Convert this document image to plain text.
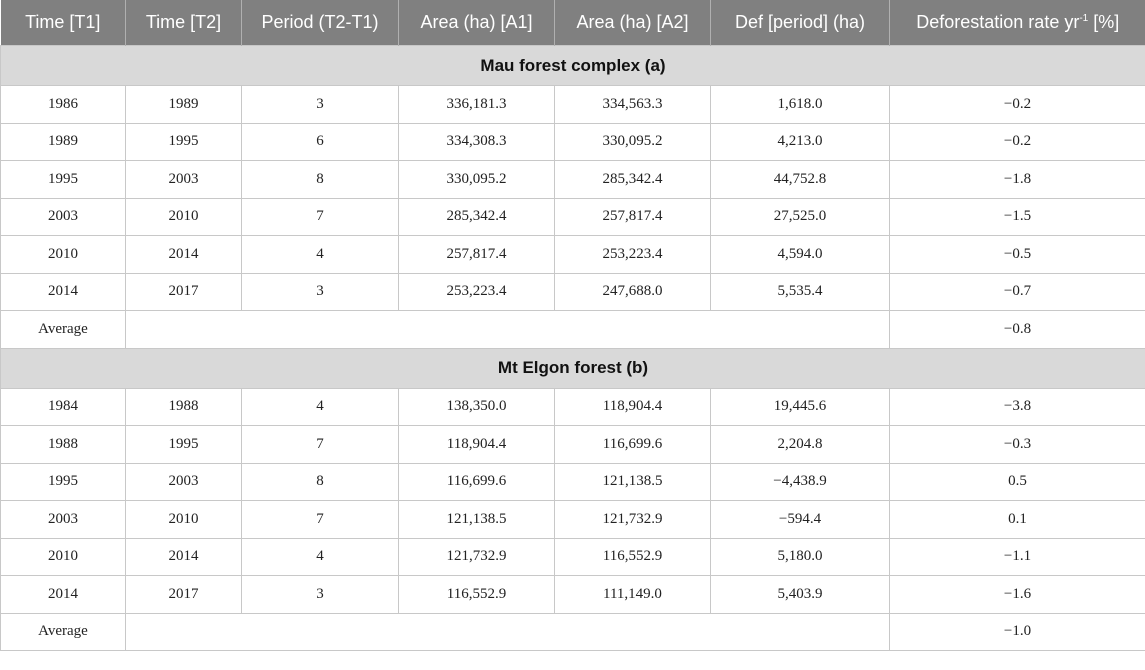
Time [T1]	Time [T2]	Period (T2-T1)	Area (ha) [A1]	Area (ha) [A2]	Def [period] (ha)	Deforestation rate $yr^{-1}$ [%]
Mau forest complex (a)						
1986	1989	3	336,181.3	334,563.3	1,618.0	−0.2
1989	1995	6	334,308.3	330,095.2	4,213.0	−0.2
1995	2003	8	330,095.2	285,342.4	44,752.8	−1.8
2003	2010	7	285,342.4	257,817.4	27,525.0	−1.5
2010	2014	4	257,817.4	253,223.4	4,594.0	−0.5
2014	2017	3	253,223.4	247,688.0	5,535.4	−0.7
Average						−0.8
Mt Elgon forest (b)						
1984	1988	4	138,350.0	118,904.4	19,445.6	−3.8
1988	1995	7	118,904.4	116,699.6	2,204.8	−0.3
1995	2003	8	116,699.6	121,138.5	−4,438.9	0.5
2003	2010	7	121,138.5	121,732.9	−594.4	0.1
2010	2014	4	121,732.9	116,552.9	5,180.0	−1.1
2014	2017	3	116,552.9	111,149.0	5,403.9	−1.6
Average						−1.0
